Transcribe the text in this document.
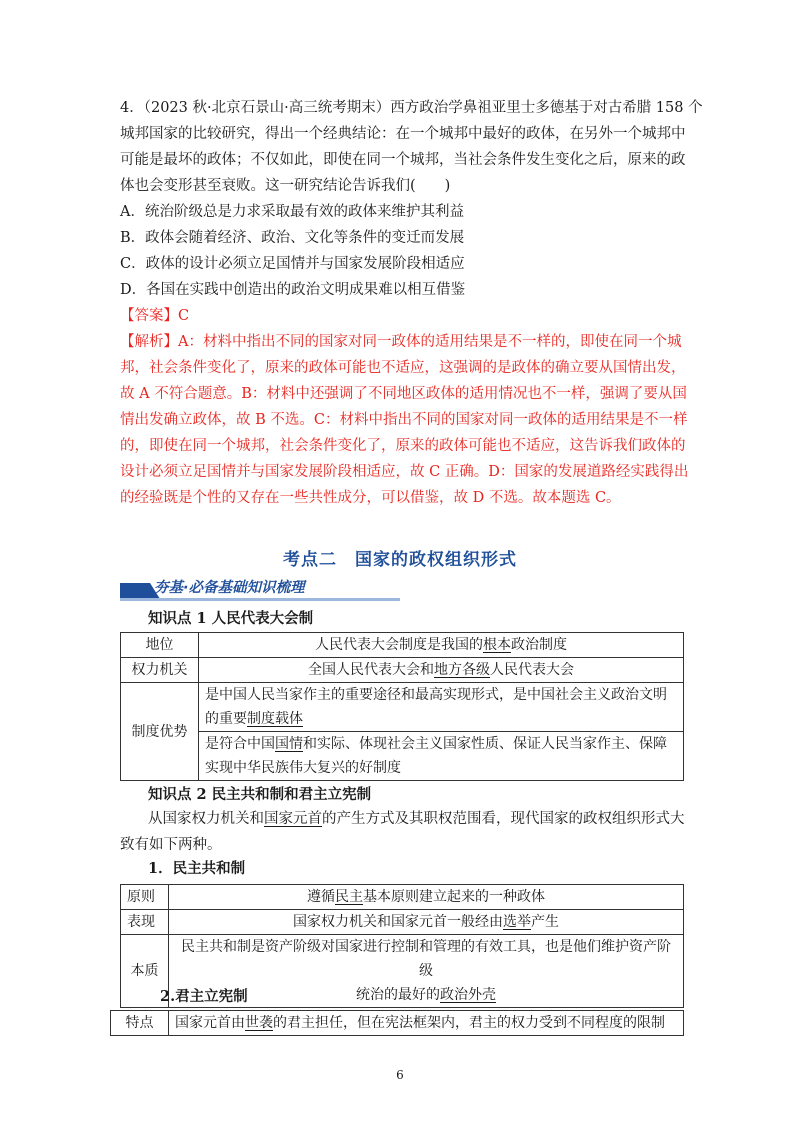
4．（2023 秋·北京石景山·高三统考期末）西方政治学鼻祖亚里士多德基于对古希腊 158 个
城邦国家的比较研究，得出一个经典结论：在一个城邦中最好的政体，在另外一个城邦中
可能是最坏的政体；不仅如此，即使在同一个城邦，当社会条件发生变化之后，原来的政
体也会变形甚至衰败。这一研究结论告诉我们(　　)
A．统治阶级总是力求采取最有效的政体来维护其利益
B．政体会随着经济、政治、文化等条件的变迁而发展
C．政体的设计必须立足国情并与国家发展阶段相适应
D．各国在实践中创造出的政治文明成果难以相互借鉴
【答案】C
【解析】A：材料中指出不同的国家对同一政体的适用结果是不一样的，即使在同一个城
邦，社会条件变化了，原来的政体可能也不适应，这强调的是政体的确立要从国情出发，
故 A 不符合题意。B：材料中还强调了不同地区政体的适用情况也不一样，强调了要从国
情出发确立政体，故 B 不选。C：材料中指出不同的国家对同一政体的适用结果是不一样
的，即使在同一个城邦，社会条件变化了，原来的政体可能也不适应，这告诉我们政体的
设计必须立足国情并与国家发展阶段相适应，故 C 正确。D：国家的发展道路经实践得出
的经验既是个性的又存在一些共性成分，可以借鉴，故 D 不选。故本题选 C。
考点二　国家的政权组织形式
夯基·必备基础知识梳理
知识点 1 人民代表大会制
地位	人民代表大会制度是我国的根本政治制度
权力机关	全国人民代表大会和地方各级人民代表大会
制度优势	是中国人民当家作主的重要途径和最高实现形式，是中国社会主义政治文明
的重要制度载体

	是符合中国国情和实际、体现社会主义国家性质、保证人民当家作主、保障
实现中华民族伟大复兴的好制度
知识点 2 民主共和制和君主立宪制
从国家权力机关和国家元首的产生方式及其职权范围看，现代国家的政权组织形式大
致有如下两种。
1．民主共和制
原则	遵循民主基本原则建立起来的一种政体
表现	国家权力机关和国家元首一般经由选举产生
本质	民主共和制是资产阶级对国家进行控制和管理的有效工具，也是他们维护资产阶级
统治的最好的政治外壳
2.君主立宪制
特点	国家元首由世袭的君主担任，但在宪法框架内，君主的权力受到不同程度的限制
6
